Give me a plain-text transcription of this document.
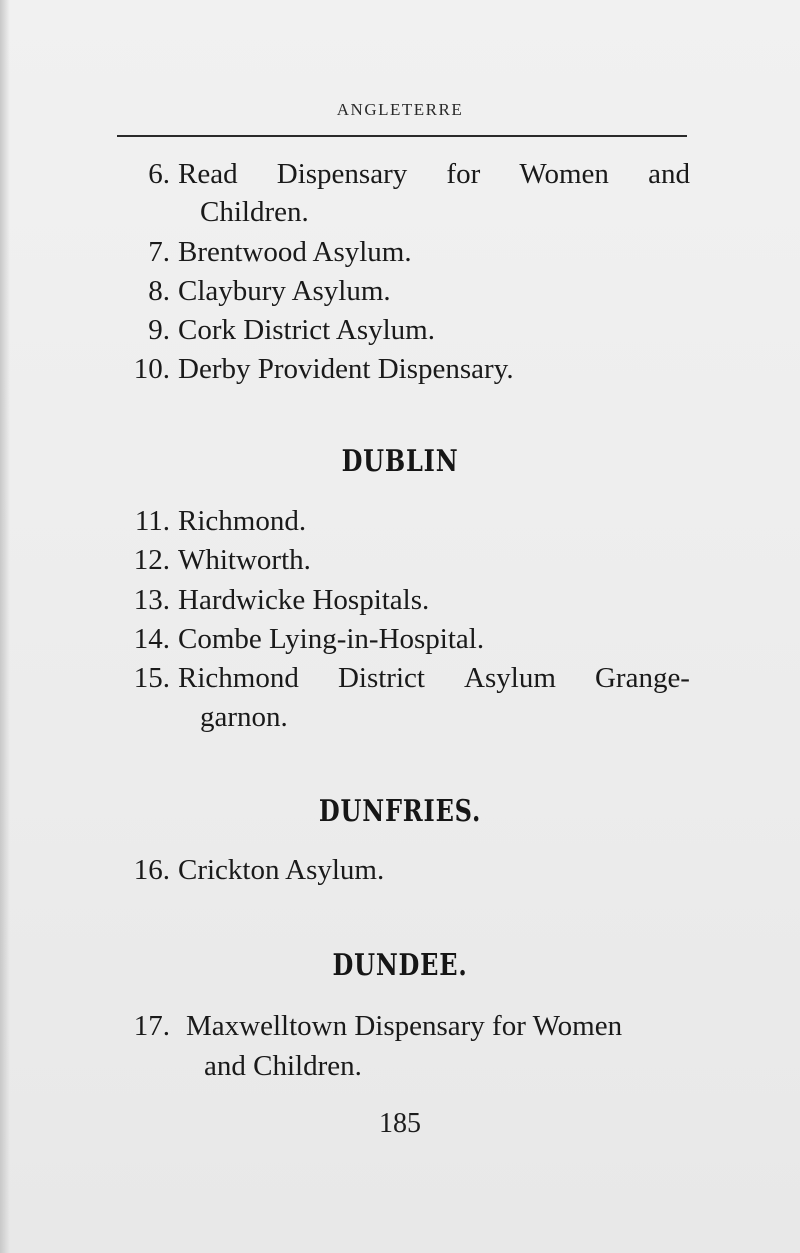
ANGLETERRE
6. Read Dispensary for Women and
Children.
7. Brentwood Asylum.
8. Claybury Asylum.
9. Cork District Asylum.
10. Derby Provident Dispensary.
DUBLIN
11. Richmond.
12. Whitworth.
13. Hardwicke Hospitals.
14. Combe Lying-in-Hospital.
15. Richmond District Asylum Grange-
garnon.
DUNFRIES.
16. Crickton Asylum.
DUNDEE.
17. Maxwelltown Dispensary for Women
and Children.
185
